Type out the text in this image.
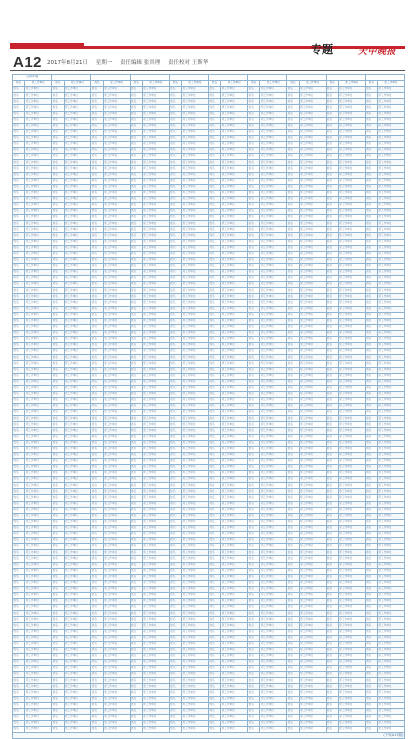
A12 2017年8月21日 星期一 责任编辑 张其理 责任校对 王斯华
专题	天中晚报
上接A11版																			
姓名	原工作单位	姓名	原工作单位	姓名	原工作单位	姓名	原工作单位	姓名	原工作单位	姓名	原工作单位	姓名	原工作单位	姓名	原工作单位	姓名	原工作单位	姓名	原工作单位
姓名	原工作单位	姓名	原工作单位	姓名	原工作单位	姓名	原工作单位	姓名	原工作单位	姓名	原工作单位	姓名	原工作单位	姓名	原工作单位	姓名	原工作单位	姓名	原工作单位
姓名	原工作单位	姓名	原工作单位	姓名	原工作单位	姓名	原工作单位	姓名	原工作单位	姓名	原工作单位	姓名	原工作单位	姓名	原工作单位	姓名	原工作单位	姓名	原工作单位
姓名	原工作单位	姓名	原工作单位	姓名	原工作单位	姓名	原工作单位	姓名	原工作单位	姓名	原工作单位	姓名	原工作单位	姓名	原工作单位	姓名	原工作单位	姓名	原工作单位
姓名	原工作单位	姓名	原工作单位	姓名	原工作单位	姓名	原工作单位	姓名	原工作单位	姓名	原工作单位	姓名	原工作单位	姓名	原工作单位	姓名	原工作单位	姓名	原工作单位
姓名	原工作单位	姓名	原工作单位	姓名	原工作单位	姓名	原工作单位	姓名	原工作单位	姓名	原工作单位	姓名	原工作单位	姓名	原工作单位	姓名	原工作单位	姓名	原工作单位
姓名	原工作单位	姓名	原工作单位	姓名	原工作单位	姓名	原工作单位	姓名	原工作单位	姓名	原工作单位	姓名	原工作单位	姓名	原工作单位	姓名	原工作单位	姓名	原工作单位
姓名	原工作单位	姓名	原工作单位	姓名	原工作单位	姓名	原工作单位	姓名	原工作单位	姓名	原工作单位	姓名	原工作单位	姓名	原工作单位	姓名	原工作单位	姓名	原工作单位
姓名	原工作单位	姓名	原工作单位	姓名	原工作单位	姓名	原工作单位	姓名	原工作单位	姓名	原工作单位	姓名	原工作单位	姓名	原工作单位	姓名	原工作单位	姓名	原工作单位
姓名	原工作单位	姓名	原工作单位	姓名	原工作单位	姓名	原工作单位	姓名	原工作单位	姓名	原工作单位	姓名	原工作单位	姓名	原工作单位	姓名	原工作单位	姓名	原工作单位
姓名	原工作单位	姓名	原工作单位	姓名	原工作单位	姓名	原工作单位	姓名	原工作单位	姓名	原工作单位	姓名	原工作单位	姓名	原工作单位	姓名	原工作单位	姓名	原工作单位
姓名	原工作单位	姓名	原工作单位	姓名	原工作单位	姓名	原工作单位	姓名	原工作单位	姓名	原工作单位	姓名	原工作单位	姓名	原工作单位	姓名	原工作单位	姓名	原工作单位
姓名	原工作单位	姓名	原工作单位	姓名	原工作单位	姓名	原工作单位	姓名	原工作单位	姓名	原工作单位	姓名	原工作单位	姓名	原工作单位	姓名	原工作单位	姓名	原工作单位
姓名	原工作单位	姓名	原工作单位	姓名	原工作单位	姓名	原工作单位	姓名	原工作单位	姓名	原工作单位	姓名	原工作单位	姓名	原工作单位	姓名	原工作单位	姓名	原工作单位
姓名	原工作单位	姓名	原工作单位	姓名	原工作单位	姓名	原工作单位	姓名	原工作单位	姓名	原工作单位	姓名	原工作单位	姓名	原工作单位	姓名	原工作单位	姓名	原工作单位
姓名	原工作单位	姓名	原工作单位	姓名	原工作单位	姓名	原工作单位	姓名	原工作单位	姓名	原工作单位	姓名	原工作单位	姓名	原工作单位	姓名	原工作单位	姓名	原工作单位
姓名	原工作单位	姓名	原工作单位	姓名	原工作单位	姓名	原工作单位	姓名	原工作单位	姓名	原工作单位	姓名	原工作单位	姓名	原工作单位	姓名	原工作单位	姓名	原工作单位
姓名	原工作单位	姓名	原工作单位	姓名	原工作单位	姓名	原工作单位	姓名	原工作单位	姓名	原工作单位	姓名	原工作单位	姓名	原工作单位	姓名	原工作单位	姓名	原工作单位
姓名	原工作单位	姓名	原工作单位	姓名	原工作单位	姓名	原工作单位	姓名	原工作单位	姓名	原工作单位	姓名	原工作单位	姓名	原工作单位	姓名	原工作单位	姓名	原工作单位
姓名	原工作单位	姓名	原工作单位	姓名	原工作单位	姓名	原工作单位	姓名	原工作单位	姓名	原工作单位	姓名	原工作单位	姓名	原工作单位	姓名	原工作单位	姓名	原工作单位
姓名	原工作单位	姓名	原工作单位	姓名	原工作单位	姓名	原工作单位	姓名	原工作单位	姓名	原工作单位	姓名	原工作单位	姓名	原工作单位	姓名	原工作单位	姓名	原工作单位
姓名	原工作单位	姓名	原工作单位	姓名	原工作单位	姓名	原工作单位	姓名	原工作单位	姓名	原工作单位	姓名	原工作单位	姓名	原工作单位	姓名	原工作单位	姓名	原工作单位
姓名	原工作单位	姓名	原工作单位	姓名	原工作单位	姓名	原工作单位	姓名	原工作单位	姓名	原工作单位	姓名	原工作单位	姓名	原工作单位	姓名	原工作单位	姓名	原工作单位
姓名	原工作单位	姓名	原工作单位	姓名	原工作单位	姓名	原工作单位	姓名	原工作单位	姓名	原工作单位	姓名	原工作单位	姓名	原工作单位	姓名	原工作单位	姓名	原工作单位
姓名	原工作单位	姓名	原工作单位	姓名	原工作单位	姓名	原工作单位	姓名	原工作单位	姓名	原工作单位	姓名	原工作单位	姓名	原工作单位	姓名	原工作单位	姓名	原工作单位
姓名	原工作单位	姓名	原工作单位	姓名	原工作单位	姓名	原工作单位	姓名	原工作单位	姓名	原工作单位	姓名	原工作单位	姓名	原工作单位	姓名	原工作单位	姓名	原工作单位
姓名	原工作单位	姓名	原工作单位	姓名	原工作单位	姓名	原工作单位	姓名	原工作单位	姓名	原工作单位	姓名	原工作单位	姓名	原工作单位	姓名	原工作单位	姓名	原工作单位
姓名	原工作单位	姓名	原工作单位	姓名	原工作单位	姓名	原工作单位	姓名	原工作单位	姓名	原工作单位	姓名	原工作单位	姓名	原工作单位	姓名	原工作单位	姓名	原工作单位
姓名	原工作单位	姓名	原工作单位	姓名	原工作单位	姓名	原工作单位	姓名	原工作单位	姓名	原工作单位	姓名	原工作单位	姓名	原工作单位	姓名	原工作单位	姓名	原工作单位
姓名	原工作单位	姓名	原工作单位	姓名	原工作单位	姓名	原工作单位	姓名	原工作单位	姓名	原工作单位	姓名	原工作单位	姓名	原工作单位	姓名	原工作单位	姓名	原工作单位
姓名	原工作单位	姓名	原工作单位	姓名	原工作单位	姓名	原工作单位	姓名	原工作单位	姓名	原工作单位	姓名	原工作单位	姓名	原工作单位	姓名	原工作单位	姓名	原工作单位
姓名	原工作单位	姓名	原工作单位	姓名	原工作单位	姓名	原工作单位	姓名	原工作单位	姓名	原工作单位	姓名	原工作单位	姓名	原工作单位	姓名	原工作单位	姓名	原工作单位
姓名	原工作单位	姓名	原工作单位	姓名	原工作单位	姓名	原工作单位	姓名	原工作单位	姓名	原工作单位	姓名	原工作单位	姓名	原工作单位	姓名	原工作单位	姓名	原工作单位
姓名	原工作单位	姓名	原工作单位	姓名	原工作单位	姓名	原工作单位	姓名	原工作单位	姓名	原工作单位	姓名	原工作单位	姓名	原工作单位	姓名	原工作单位	姓名	原工作单位
姓名	原工作单位	姓名	原工作单位	姓名	原工作单位	姓名	原工作单位	姓名	原工作单位	姓名	原工作单位	姓名	原工作单位	姓名	原工作单位	姓名	原工作单位	姓名	原工作单位
姓名	原工作单位	姓名	原工作单位	姓名	原工作单位	姓名	原工作单位	姓名	原工作单位	姓名	原工作单位	姓名	原工作单位	姓名	原工作单位	姓名	原工作单位	姓名	原工作单位
姓名	原工作单位	姓名	原工作单位	姓名	原工作单位	姓名	原工作单位	姓名	原工作单位	姓名	原工作单位	姓名	原工作单位	姓名	原工作单位	姓名	原工作单位	姓名	原工作单位
姓名	原工作单位	姓名	原工作单位	姓名	原工作单位	姓名	原工作单位	姓名	原工作单位	姓名	原工作单位	姓名	原工作单位	姓名	原工作单位	姓名	原工作单位	姓名	原工作单位
姓名	原工作单位	姓名	原工作单位	姓名	原工作单位	姓名	原工作单位	姓名	原工作单位	姓名	原工作单位	姓名	原工作单位	姓名	原工作单位	姓名	原工作单位	姓名	原工作单位
姓名	原工作单位	姓名	原工作单位	姓名	原工作单位	姓名	原工作单位	姓名	原工作单位	姓名	原工作单位	姓名	原工作单位	姓名	原工作单位	姓名	原工作单位	姓名	原工作单位
姓名	原工作单位	姓名	原工作单位	姓名	原工作单位	姓名	原工作单位	姓名	原工作单位	姓名	原工作单位	姓名	原工作单位	姓名	原工作单位	姓名	原工作单位	姓名	原工作单位
姓名	原工作单位	姓名	原工作单位	姓名	原工作单位	姓名	原工作单位	姓名	原工作单位	姓名	原工作单位	姓名	原工作单位	姓名	原工作单位	姓名	原工作单位	姓名	原工作单位
姓名	原工作单位	姓名	原工作单位	姓名	原工作单位	姓名	原工作单位	姓名	原工作单位	姓名	原工作单位	姓名	原工作单位	姓名	原工作单位	姓名	原工作单位	姓名	原工作单位
姓名	原工作单位	姓名	原工作单位	姓名	原工作单位	姓名	原工作单位	姓名	原工作单位	姓名	原工作单位	姓名	原工作单位	姓名	原工作单位	姓名	原工作单位	姓名	原工作单位
姓名	原工作单位	姓名	原工作单位	姓名	原工作单位	姓名	原工作单位	姓名	原工作单位	姓名	原工作单位	姓名	原工作单位	姓名	原工作单位	姓名	原工作单位	姓名	原工作单位
姓名	原工作单位	姓名	原工作单位	姓名	原工作单位	姓名	原工作单位	姓名	原工作单位	姓名	原工作单位	姓名	原工作单位	姓名	原工作单位	姓名	原工作单位	姓名	原工作单位
姓名	原工作单位	姓名	原工作单位	姓名	原工作单位	姓名	原工作单位	姓名	原工作单位	姓名	原工作单位	姓名	原工作单位	姓名	原工作单位	姓名	原工作单位	姓名	原工作单位
姓名	原工作单位	姓名	原工作单位	姓名	原工作单位	姓名	原工作单位	姓名	原工作单位	姓名	原工作单位	姓名	原工作单位	姓名	原工作单位	姓名	原工作单位	姓名	原工作单位
姓名	原工作单位	姓名	原工作单位	姓名	原工作单位	姓名	原工作单位	姓名	原工作单位	姓名	原工作单位	姓名	原工作单位	姓名	原工作单位	姓名	原工作单位	姓名	原工作单位
姓名	原工作单位	姓名	原工作单位	姓名	原工作单位	姓名	原工作单位	姓名	原工作单位	姓名	原工作单位	姓名	原工作单位	姓名	原工作单位	姓名	原工作单位	姓名	原工作单位
姓名	原工作单位	姓名	原工作单位	姓名	原工作单位	姓名	原工作单位	姓名	原工作单位	姓名	原工作单位	姓名	原工作单位	姓名	原工作单位	姓名	原工作单位	姓名	原工作单位
姓名	原工作单位	姓名	原工作单位	姓名	原工作单位	姓名	原工作单位	姓名	原工作单位	姓名	原工作单位	姓名	原工作单位	姓名	原工作单位	姓名	原工作单位	姓名	原工作单位
姓名	原工作单位	姓名	原工作单位	姓名	原工作单位	姓名	原工作单位	姓名	原工作单位	姓名	原工作单位	姓名	原工作单位	姓名	原工作单位	姓名	原工作单位	姓名	原工作单位
姓名	原工作单位	姓名	原工作单位	姓名	原工作单位	姓名	原工作单位	姓名	原工作单位	姓名	原工作单位	姓名	原工作单位	姓名	原工作单位	姓名	原工作单位	姓名	原工作单位
姓名	原工作单位	姓名	原工作单位	姓名	原工作单位	姓名	原工作单位	姓名	原工作单位	姓名	原工作单位	姓名	原工作单位	姓名	原工作单位	姓名	原工作单位	姓名	原工作单位
姓名	原工作单位	姓名	原工作单位	姓名	原工作单位	姓名	原工作单位	姓名	原工作单位	姓名	原工作单位	姓名	原工作单位	姓名	原工作单位	姓名	原工作单位	姓名	原工作单位
姓名	原工作单位	姓名	原工作单位	姓名	原工作单位	姓名	原工作单位	姓名	原工作单位	姓名	原工作单位	姓名	原工作单位	姓名	原工作单位	姓名	原工作单位	姓名	原工作单位
姓名	原工作单位	姓名	原工作单位	姓名	原工作单位	姓名	原工作单位	姓名	原工作单位	姓名	原工作单位	姓名	原工作单位	姓名	原工作单位	姓名	原工作单位	姓名	原工作单位
姓名	原工作单位	姓名	原工作单位	姓名	原工作单位	姓名	原工作单位	姓名	原工作单位	姓名	原工作单位	姓名	原工作单位	姓名	原工作单位	姓名	原工作单位	姓名	原工作单位
姓名	原工作单位	姓名	原工作单位	姓名	原工作单位	姓名	原工作单位	姓名	原工作单位	姓名	原工作单位	姓名	原工作单位	姓名	原工作单位	姓名	原工作单位	姓名	原工作单位
姓名	原工作单位	姓名	原工作单位	姓名	原工作单位	姓名	原工作单位	姓名	原工作单位	姓名	原工作单位	姓名	原工作单位	姓名	原工作单位	姓名	原工作单位	姓名	原工作单位
姓名	原工作单位	姓名	原工作单位	姓名	原工作单位	姓名	原工作单位	姓名	原工作单位	姓名	原工作单位	姓名	原工作单位	姓名	原工作单位	姓名	原工作单位	姓名	原工作单位
姓名	原工作单位	姓名	原工作单位	姓名	原工作单位	姓名	原工作单位	姓名	原工作单位	姓名	原工作单位	姓名	原工作单位	姓名	原工作单位	姓名	原工作单位	姓名	原工作单位
姓名	原工作单位	姓名	原工作单位	姓名	原工作单位	姓名	原工作单位	姓名	原工作单位	姓名	原工作单位	姓名	原工作单位	姓名	原工作单位	姓名	原工作单位	姓名	原工作单位
姓名	原工作单位	姓名	原工作单位	姓名	原工作单位	姓名	原工作单位	姓名	原工作单位	姓名	原工作单位	姓名	原工作单位	姓名	原工作单位	姓名	原工作单位	姓名	原工作单位
姓名	原工作单位	姓名	原工作单位	姓名	原工作单位	姓名	原工作单位	姓名	原工作单位	姓名	原工作单位	姓名	原工作单位	姓名	原工作单位	姓名	原工作单位	姓名	原工作单位
姓名	原工作单位	姓名	原工作单位	姓名	原工作单位	姓名	原工作单位	姓名	原工作单位	姓名	原工作单位	姓名	原工作单位	姓名	原工作单位	姓名	原工作单位	姓名	原工作单位
姓名	原工作单位	姓名	原工作单位	姓名	原工作单位	姓名	原工作单位	姓名	原工作单位	姓名	原工作单位	姓名	原工作单位	姓名	原工作单位	姓名	原工作单位	姓名	原工作单位
姓名	原工作单位	姓名	原工作单位	姓名	原工作单位	姓名	原工作单位	姓名	原工作单位	姓名	原工作单位	姓名	原工作单位	姓名	原工作单位	姓名	原工作单位	姓名	原工作单位
姓名	原工作单位	姓名	原工作单位	姓名	原工作单位	姓名	原工作单位	姓名	原工作单位	姓名	原工作单位	姓名	原工作单位	姓名	原工作单位	姓名	原工作单位	姓名	原工作单位
姓名	原工作单位	姓名	原工作单位	姓名	原工作单位	姓名	原工作单位	姓名	原工作单位	姓名	原工作单位	姓名	原工作单位	姓名	原工作单位	姓名	原工作单位	姓名	原工作单位
姓名	原工作单位	姓名	原工作单位	姓名	原工作单位	姓名	原工作单位	姓名	原工作单位	姓名	原工作单位	姓名	原工作单位	姓名	原工作单位	姓名	原工作单位	姓名	原工作单位
姓名	原工作单位	姓名	原工作单位	姓名	原工作单位	姓名	原工作单位	姓名	原工作单位	姓名	原工作单位	姓名	原工作单位	姓名	原工作单位	姓名	原工作单位	姓名	原工作单位
姓名	原工作单位	姓名	原工作单位	姓名	原工作单位	姓名	原工作单位	姓名	原工作单位	姓名	原工作单位	姓名	原工作单位	姓名	原工作单位	姓名	原工作单位	姓名	原工作单位
姓名	原工作单位	姓名	原工作单位	姓名	原工作单位	姓名	原工作单位	姓名	原工作单位	姓名	原工作单位	姓名	原工作单位	姓名	原工作单位	姓名	原工作单位	姓名	原工作单位
姓名	原工作单位	姓名	原工作单位	姓名	原工作单位	姓名	原工作单位	姓名	原工作单位	姓名	原工作单位	姓名	原工作单位	姓名	原工作单位	姓名	原工作单位	姓名	原工作单位
姓名	原工作单位	姓名	原工作单位	姓名	原工作单位	姓名	原工作单位	姓名	原工作单位	姓名	原工作单位	姓名	原工作单位	姓名	原工作单位	姓名	原工作单位	姓名	原工作单位
姓名	原工作单位	姓名	原工作单位	姓名	原工作单位	姓名	原工作单位	姓名	原工作单位	姓名	原工作单位	姓名	原工作单位	姓名	原工作单位	姓名	原工作单位	姓名	原工作单位
姓名	原工作单位	姓名	原工作单位	姓名	原工作单位	姓名	原工作单位	姓名	原工作单位	姓名	原工作单位	姓名	原工作单位	姓名	原工作单位	姓名	原工作单位	姓名	原工作单位
姓名	原工作单位	姓名	原工作单位	姓名	原工作单位	姓名	原工作单位	姓名	原工作单位	姓名	原工作单位	姓名	原工作单位	姓名	原工作单位	姓名	原工作单位	姓名	原工作单位
姓名	原工作单位	姓名	原工作单位	姓名	原工作单位	姓名	原工作单位	姓名	原工作单位	姓名	原工作单位	姓名	原工作单位	姓名	原工作单位	姓名	原工作单位	姓名	原工作单位
姓名	原工作单位	姓名	原工作单位	姓名	原工作单位	姓名	原工作单位	姓名	原工作单位	姓名	原工作单位	姓名	原工作单位	姓名	原工作单位	姓名	原工作单位	姓名	原工作单位
姓名	原工作单位	姓名	原工作单位	姓名	原工作单位	姓名	原工作单位	姓名	原工作单位	姓名	原工作单位	姓名	原工作单位	姓名	原工作单位	姓名	原工作单位	姓名	原工作单位
姓名	原工作单位	姓名	原工作单位	姓名	原工作单位	姓名	原工作单位	姓名	原工作单位	姓名	原工作单位	姓名	原工作单位	姓名	原工作单位	姓名	原工作单位	姓名	原工作单位
姓名	原工作单位	姓名	原工作单位	姓名	原工作单位	姓名	原工作单位	姓名	原工作单位	姓名	原工作单位	姓名	原工作单位	姓名	原工作单位	姓名	原工作单位	姓名	原工作单位
姓名	原工作单位	姓名	原工作单位	姓名	原工作单位	姓名	原工作单位	姓名	原工作单位	姓名	原工作单位	姓名	原工作单位	姓名	原工作单位	姓名	原工作单位	姓名	原工作单位
姓名	原工作单位	姓名	原工作单位	姓名	原工作单位	姓名	原工作单位	姓名	原工作单位	姓名	原工作单位	姓名	原工作单位	姓名	原工作单位	姓名	原工作单位	姓名	原工作单位
姓名	原工作单位	姓名	原工作单位	姓名	原工作单位	姓名	原工作单位	姓名	原工作单位	姓名	原工作单位	姓名	原工作单位	姓名	原工作单位	姓名	原工作单位	姓名	原工作单位
姓名	原工作单位	姓名	原工作单位	姓名	原工作单位	姓名	原工作单位	姓名	原工作单位	姓名	原工作单位	姓名	原工作单位	姓名	原工作单位	姓名	原工作单位	姓名	原工作单位
姓名	原工作单位	姓名	原工作单位	姓名	原工作单位	姓名	原工作单位	姓名	原工作单位	姓名	原工作单位	姓名	原工作单位	姓名	原工作单位	姓名	原工作单位	姓名	原工作单位
姓名	原工作单位	姓名	原工作单位	姓名	原工作单位	姓名	原工作单位	姓名	原工作单位	姓名	原工作单位	姓名	原工作单位	姓名	原工作单位	姓名	原工作单位	姓名	原工作单位
姓名	原工作单位	姓名	原工作单位	姓名	原工作单位	姓名	原工作单位	姓名	原工作单位	姓名	原工作单位	姓名	原工作单位	姓名	原工作单位	姓名	原工作单位	姓名	原工作单位
姓名	原工作单位	姓名	原工作单位	姓名	原工作单位	姓名	原工作单位	姓名	原工作单位	姓名	原工作单位	姓名	原工作单位	姓名	原工作单位	姓名	原工作单位	姓名	原工作单位
姓名	原工作单位	姓名	原工作单位	姓名	原工作单位	姓名	原工作单位	姓名	原工作单位	姓名	原工作单位	姓名	原工作单位	姓名	原工作单位	姓名	原工作单位	姓名	原工作单位
姓名	原工作单位	姓名	原工作单位	姓名	原工作单位	姓名	原工作单位	姓名	原工作单位	姓名	原工作单位	姓名	原工作单位	姓名	原工作单位	姓名	原工作单位	姓名	原工作单位
姓名	原工作单位	姓名	原工作单位	姓名	原工作单位	姓名	原工作单位	姓名	原工作单位	姓名	原工作单位	姓名	原工作单位	姓名	原工作单位	姓名	原工作单位	姓名	原工作单位
姓名	原工作单位	姓名	原工作单位	姓名	原工作单位	姓名	原工作单位	姓名	原工作单位	姓名	原工作单位	姓名	原工作单位	姓名	原工作单位	姓名	原工作单位	姓名	原工作单位
姓名	原工作单位	姓名	原工作单位	姓名	原工作单位	姓名	原工作单位	姓名	原工作单位	姓名	原工作单位	姓名	原工作单位	姓名	原工作单位	姓名	原工作单位	姓名	原工作单位
姓名	原工作单位	姓名	原工作单位	姓名	原工作单位	姓名	原工作单位	姓名	原工作单位	姓名	原工作单位	姓名	原工作单位	姓名	原工作单位	姓名	原工作单位	姓名	原工作单位
姓名	原工作单位	姓名	原工作单位	姓名	原工作单位	姓名	原工作单位	姓名	原工作单位	姓名	原工作单位	姓名	原工作单位	姓名	原工作单位	姓名	原工作单位	姓名	原工作单位
姓名	原工作单位	姓名	原工作单位	姓名	原工作单位	姓名	原工作单位	姓名	原工作单位	姓名	原工作单位	姓名	原工作单位	姓名	原工作单位	姓名	原工作单位	姓名	原工作单位
姓名	原工作单位	姓名	原工作单位	姓名	原工作单位	姓名	原工作单位	姓名	原工作单位	姓名	原工作单位	姓名	原工作单位	姓名	原工作单位	姓名	原工作单位	姓名	原工作单位
姓名	原工作单位	姓名	原工作单位	姓名	原工作单位	姓名	原工作单位	姓名	原工作单位	姓名	原工作单位	姓名	原工作单位	姓名	原工作单位	姓名	原工作单位	姓名	原工作单位
姓名	原工作单位	姓名	原工作单位	姓名	原工作单位	姓名	原工作单位	姓名	原工作单位	姓名	原工作单位	姓名	原工作单位	姓名	原工作单位	姓名	原工作单位	姓名	原工作单位
姓名	原工作单位	姓名	原工作单位	姓名	原工作单位	姓名	原工作单位	姓名	原工作单位	姓名	原工作单位	姓名	原工作单位	姓名	原工作单位	姓名	原工作单位	姓名	原工作单位
姓名	原工作单位	姓名	原工作单位	姓名	原工作单位	姓名	原工作单位	姓名	原工作单位	姓名	原工作单位	姓名	原工作单位	姓名	原工作单位	姓名	原工作单位	姓名	原工作单位
姓名	原工作单位	姓名	原工作单位	姓名	原工作单位	姓名	原工作单位	姓名	原工作单位	姓名	原工作单位	姓名	原工作单位	姓名	原工作单位	姓名	原工作单位	姓名	原工作单位
(下转A13版)																			
